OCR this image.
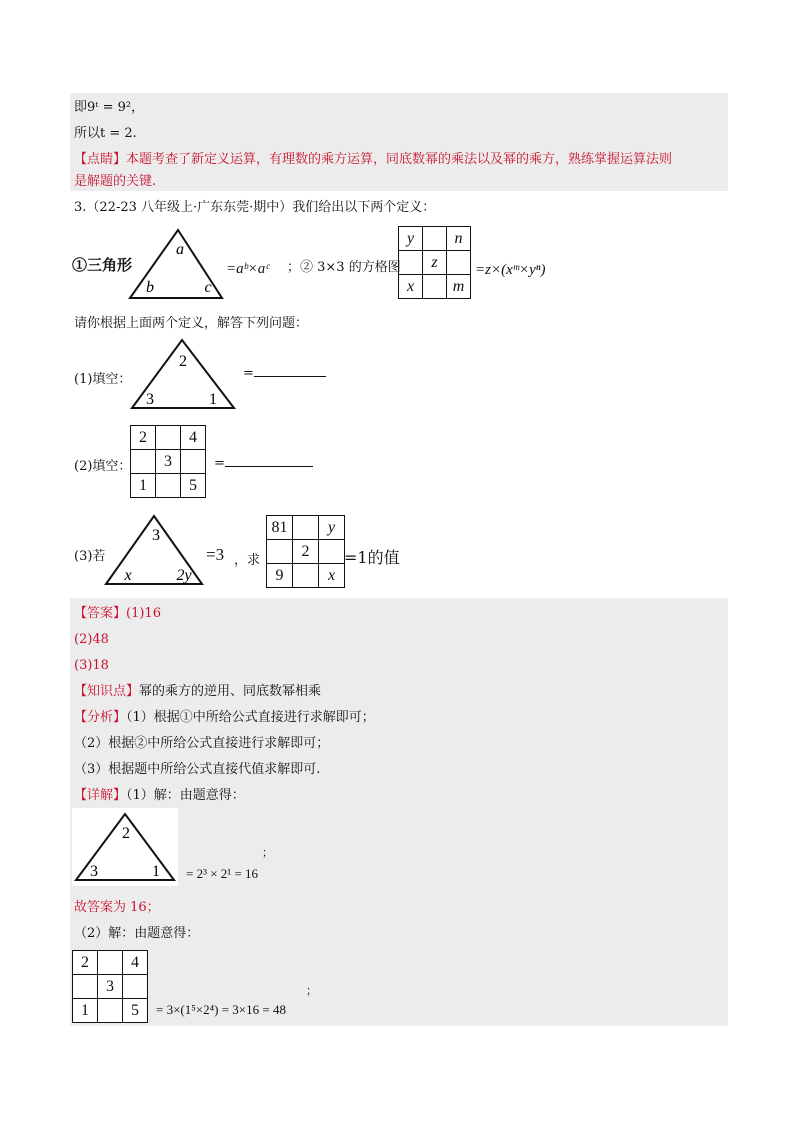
即9ᵗ = 9²，
所以t = 2.
【点睛】本题考查了新定义运算，有理数的乘方运算，同底数幂的乘法以及幂的乘方，熟练掌握运算法则
是解题的关键.
3.（22-23 八年级上·广东东莞·期中）我们给出以下两个定义：
①三角形
a
b	c
=aᵇ×aᶜ ；② 3×3 的方格图
y		n
	z	
x		m
=z×(xᵐ×yⁿ)
请你根据上面两个定义，解答下列问题：
(1)填空：
2
3	1
=
(2)填空：
2		4
	3	
1		5
=
(3)若
3
x	2y
=3 ，求
81		y
	2	
9		x
=1的值
【答案】(1)16
(2)48
(3)18
【知识点】幂的乘方的逆用、同底数幂相乘
【分析】（1）根据①中所给公式直接进行求解即可；
（2）根据②中所给公式直接进行求解即可；
（3）根据题中所给公式直接代值求解即可.
【详解】（1）解：由题意得：
2
3	1 = 2³ × 2¹ = 16
；
故答案为 16；
（2）解：由题意得：
2		4
	3	
1		5 = 3×(1⁵×2⁴) = 3×16 = 48
；
